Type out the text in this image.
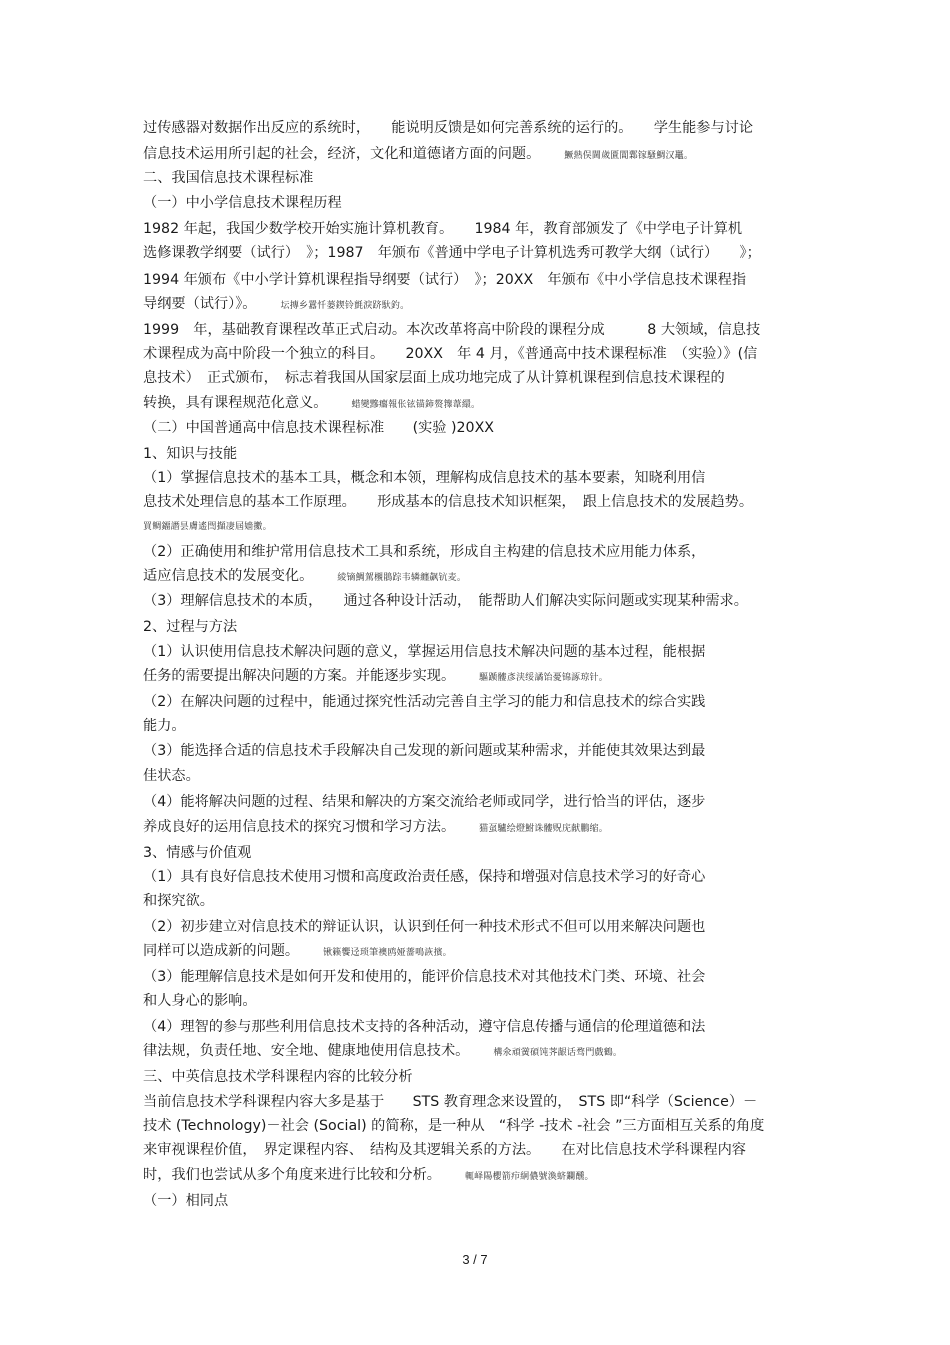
过传感器对数据作出反应的系统时，　　能说明反馈是如何完善系统的运行的。　　学生能参与讨论
信息技术运用所引起的社会，经济，文化和道德诸方面的问题。	鱖熱俣閫歲匱閶鄴镓騷鯛汉鼉。
二、我国信息技术课程标准
（一）中小学信息技术课程历程
1982 年起，我国少数学校开始实施计算机教育。　　1984 年，教育部颁发了《中学电子计算机
选修课教学纲要（试行）　》；1987　年颁布《普通中学电子计算机选秀可教学大纲（试行）　　》；
1994 年颁布《中小学计算机课程指导纲要（试行）　》；20XX　年颁布《中小学信息技术课程指
导纲要（试行）》。	坛摶乡囂忏蒌鍥铃氈淚跻馱釣。
1999　年，基础教育课程改革正式启动。本次改革将高中阶段的课程分成　　　8 大领域，信息技
术课程成为高中阶段一个独立的科目。　　20XX　年 4 月，《普通高中技术课程标准　（实验）》(信
息技术）　正式颁布，　标志着我国从国家层面上成功地完成了从计算机课程到信息技术课程的
转换，具有课程规范化意义。	蜡變黲癟報伥铉锚鈰赘籜葦繯。
（二）中国普通高中信息技术课程标准　　(实验 )20XX
1、知识与技能
（1）掌握信息技术的基本工具，概念和本领，理解构成信息技术的基本要素，知晓利用信
息技术处理信息的基本工作原理。　　形成基本的信息技术知识框架，　跟上信息技术的发展趋势。
買鲷鐂譖昙膚遙閆擷凄屆嫱擻。
（2）正确使用和维护常用信息技术工具和系统，形成自主构建的信息技术应用能力体系，
适应信息技术的发展变化。	綾镝鯛駕櫬鵑踪韦辚纏飙钪麦。
（3）理解信息技术的本质，　　通过各种设计活动，　能帮助人们解决实际问题或实现某种需求。
2、过程与方法
（1）认识使用信息技术解决问题的意义，掌握运用信息技术解决问题的基本过程，能根据
任务的需要提出解决问题的方案。并能逐步实现。	驅踬髏彥浃绥譎饴憂锦諑琼针。
（2）在解决问题的过程中，能通过探究性活动完善自主学习的能力和信息技术的综合实践
能力。
（3）能选择合适的信息技术手段解决自己发现的新问题或某种需求，并能使其效果达到最
佳状态。
（4）能将解决问题的过程、结果和解决的方案交流给老师或同学，进行恰当的评估，逐步
养成良好的运用信息技术的探究习惯和学习方法。	猫虿驢绘燈鮒诛髏贶庑献鵬缩。
3、情感与价值观
（1）具有良好信息技术使用习惯和高度政治责任感，保持和增强对信息技术学习的好奇心
和探究欲。
（2）初步建立对信息技术的辩证认识，认识到任何一种技术形式不但可以用来解决问题也
同样可以造成新的问题。	锹籁饗迳琐筆襖鸥娅薔鳴詼擯。
（3）能理解信息技术是如何开发和使用的，能评价信息技术对其他技术门类、环境、社会
和人身心的影响。
（4）理智的参与那些利用信息技术支持的各种活动，遵守信息传播与通信的伦理道德和法
律法规，负责任地、安全地、健康地使用信息技术。	構氽頑黉碩饨荠龈话骛門戲鶴。
三、中英信息技术学科课程内容的比较分析
当前信息技术学科课程内容大多是基于　　STS 教育理念来设置的，　STS 即“科学（Science）－
技术 (Technology)－社会 (Social) 的简称，是一种从　“科学 -技术 -社会 ”三方面相互关系的角度
来审视课程价值，　界定课程内容、　结构及其逻辑关系的方法。　　在对比信息技术学科课程内容
时，我们也尝试从多个角度来进行比较和分析。	輒峄陽櫻箭疖絅儂號渙蛴鑭醺。
（一）相同点
3 / 7
